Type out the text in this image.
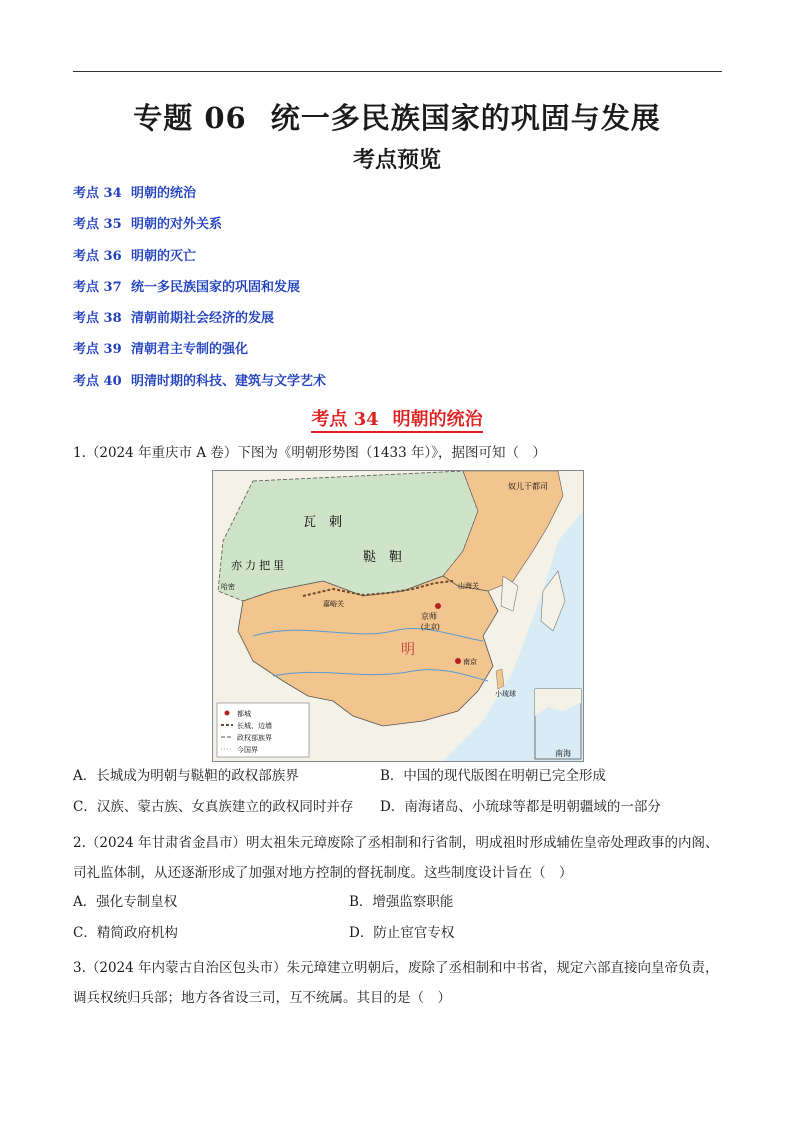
专题 06 统一多民族国家的巩固与发展
考点预览
考点 34 明朝的统治
考点 35 明朝的对外关系
考点 36 明朝的灭亡
考点 37 统一多民族国家的巩固和发展
考点 38 清朝前期社会经济的发展
考点 39 清朝君主专制的强化
考点 40 明清时期的科技、建筑与文学艺术
考点 34 明朝的统治
1.（2024 年重庆市 A 卷）下图为《明朝形势图（1433 年）》，据图可知（　）
瓦　剌
鞑　靼
亦 力 把 里
明
奴儿干都司
山海关
嘉峪关
京师
(北京)
南京
小琉球
哈密
都城
长城、边墙
政权部族界
今国界	南海
A．长城成为明朝与鞑靼的政权部族界	B．中国的现代版图在明朝已完全形成
C．汉族、蒙古族、女真族建立的政权同时并存 D．南海诸岛、小琉球等都是明朝疆域的一部分
2.（2024 年甘肃省金昌市）明太祖朱元璋废除了丞相制和行省制，明成祖时形成辅佐皇帝处理政事的内阁、司礼监体制，从还逐渐形成了加强对地方控制的督抚制度。这些制度设计旨在（　）
A．强化专制皇权	B．增强监察职能
C．精简政府机构	D．防止宦官专权
3.（2024 年内蒙古自治区包头市）朱元璋建立明朝后，废除了丞相制和中书省，规定六部直接向皇帝负责，调兵权统归兵部；地方各省设三司，互不统属。其目的是（　）
